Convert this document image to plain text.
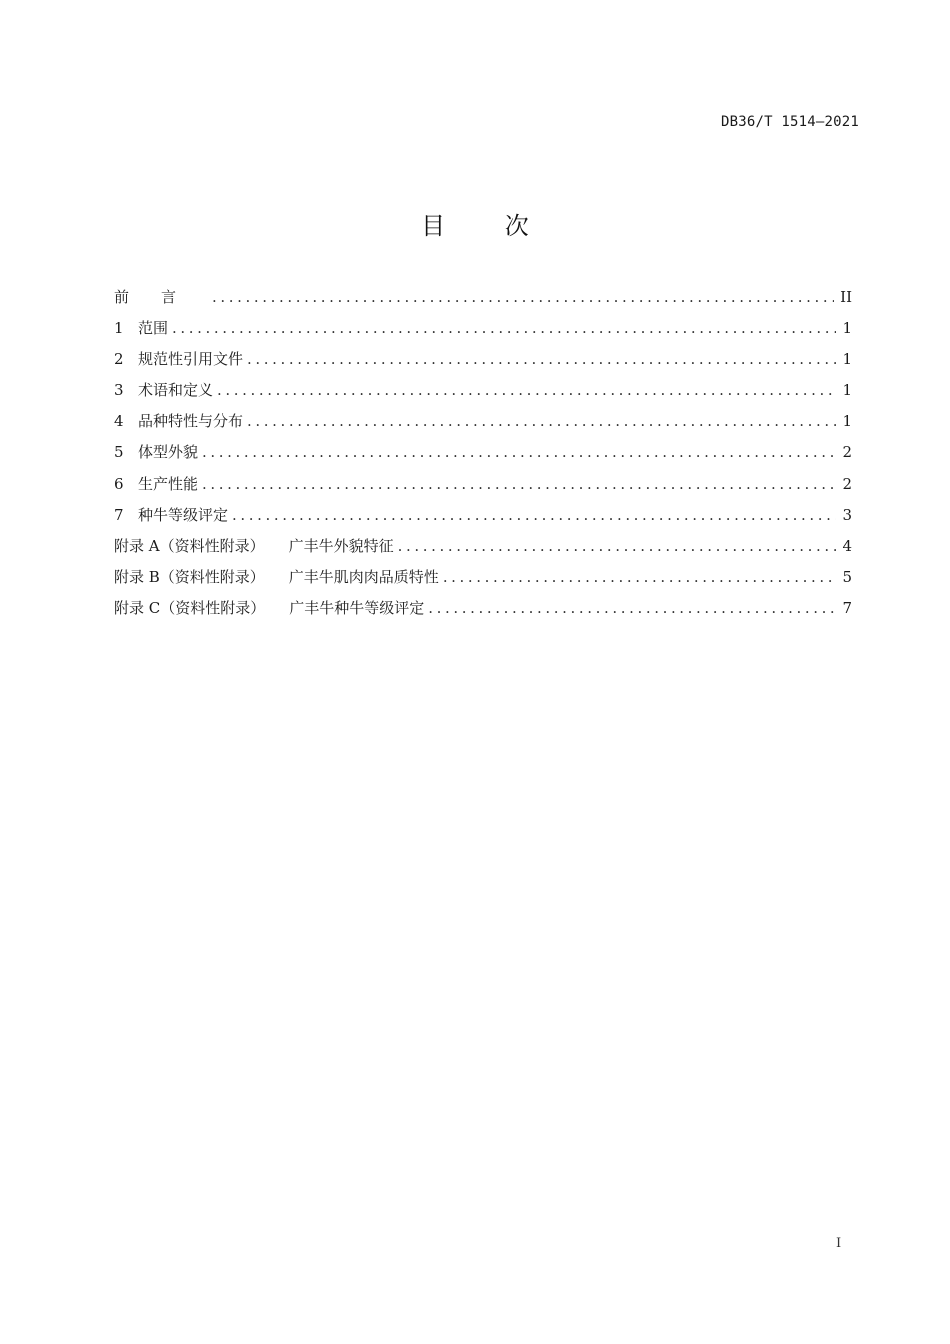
DB36/T 1514—2021
目 次
前言 .....	II
1 范围 .....	1
2 规范性引用文件 .....	1
3 术语和定义 .....	1
4 品种特性与分布 .....	1
5 体型外貌 .....	2
6 生产性能 .....	2
7 种牛等级评定 .....	3
附录 A（资料性附录） 广丰牛外貌特征 .....	4
附录 B（资料性附录） 广丰牛肌肉肉品质特性 .....	5
附录 C（资料性附录） 广丰牛种牛等级评定 .....	7
I
